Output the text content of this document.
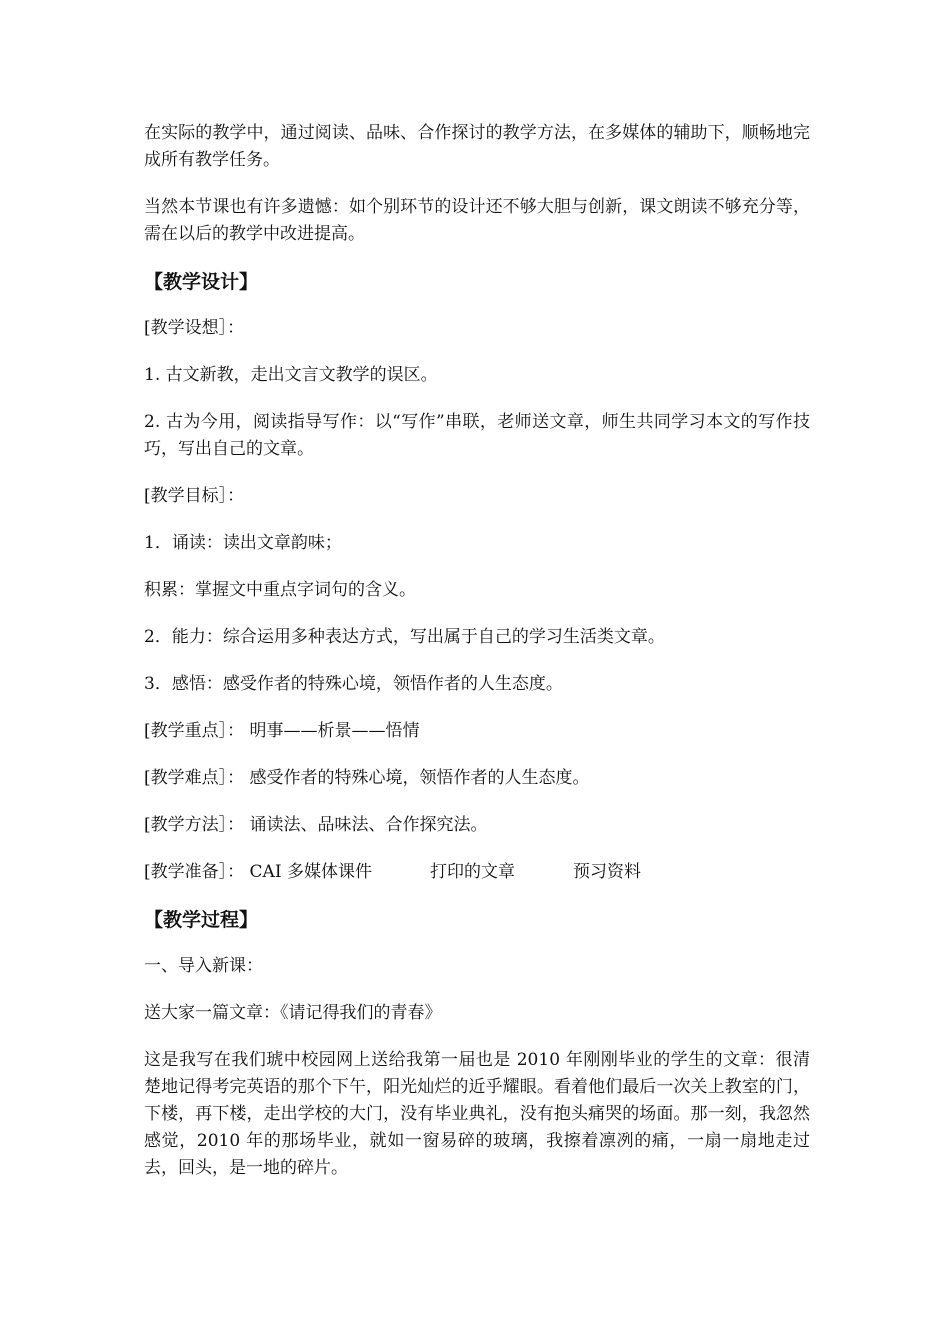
在实际的教学中，通过阅读、品味、合作探讨的教学方法，在多媒体的辅助下，顺畅地完成所有教学任务。

当然本节课也有许多遗憾：如个别环节的设计还不够大胆与创新，课文朗读不够充分等，需在以后的教学中改进提高。

【教学设计】

[教学设想］：

1. 古文新教，走出文言文教学的误区。

2. 古为今用，阅读指导写作：以“写作”串联，老师送文章，师生共同学习本文的写作技巧，写出自己的文章。

[教学目标］：

1．诵读：读出文章韵味；

积累：掌握文中重点字词句的含义。

2．能力：综合运用多种表达方式，写出属于自己的学习生活类文章。

3．感悟：感受作者的特殊心境，领悟作者的人生态度。

[教学重点］： 明事——析景——悟情

[教学难点］： 感受作者的特殊心境，领悟作者的人生态度。

[教学方法］： 诵读法、品味法、合作探究法。

[教学准备］： CAI 多媒体课件	打印的文章	预习资料

【教学过程】

一、导入新课：

送大家一篇文章：《请记得我们的青春》

这是我写在我们琥中校园网上送给我第一届也是 2010 年刚刚毕业的学生的文章：很清楚地记得考完英语的那个下午，阳光灿烂的近乎耀眼。看着他们最后一次关上教室的门，下楼，再下楼，走出学校的大门，没有毕业典礼，没有抱头痛哭的场面。那一刻，我忽然感觉，2010 年的那场毕业，就如一窗易碎的玻璃，我擦着凛冽的痛，一扇一扇地走过去，回头，是一地的碎片。
